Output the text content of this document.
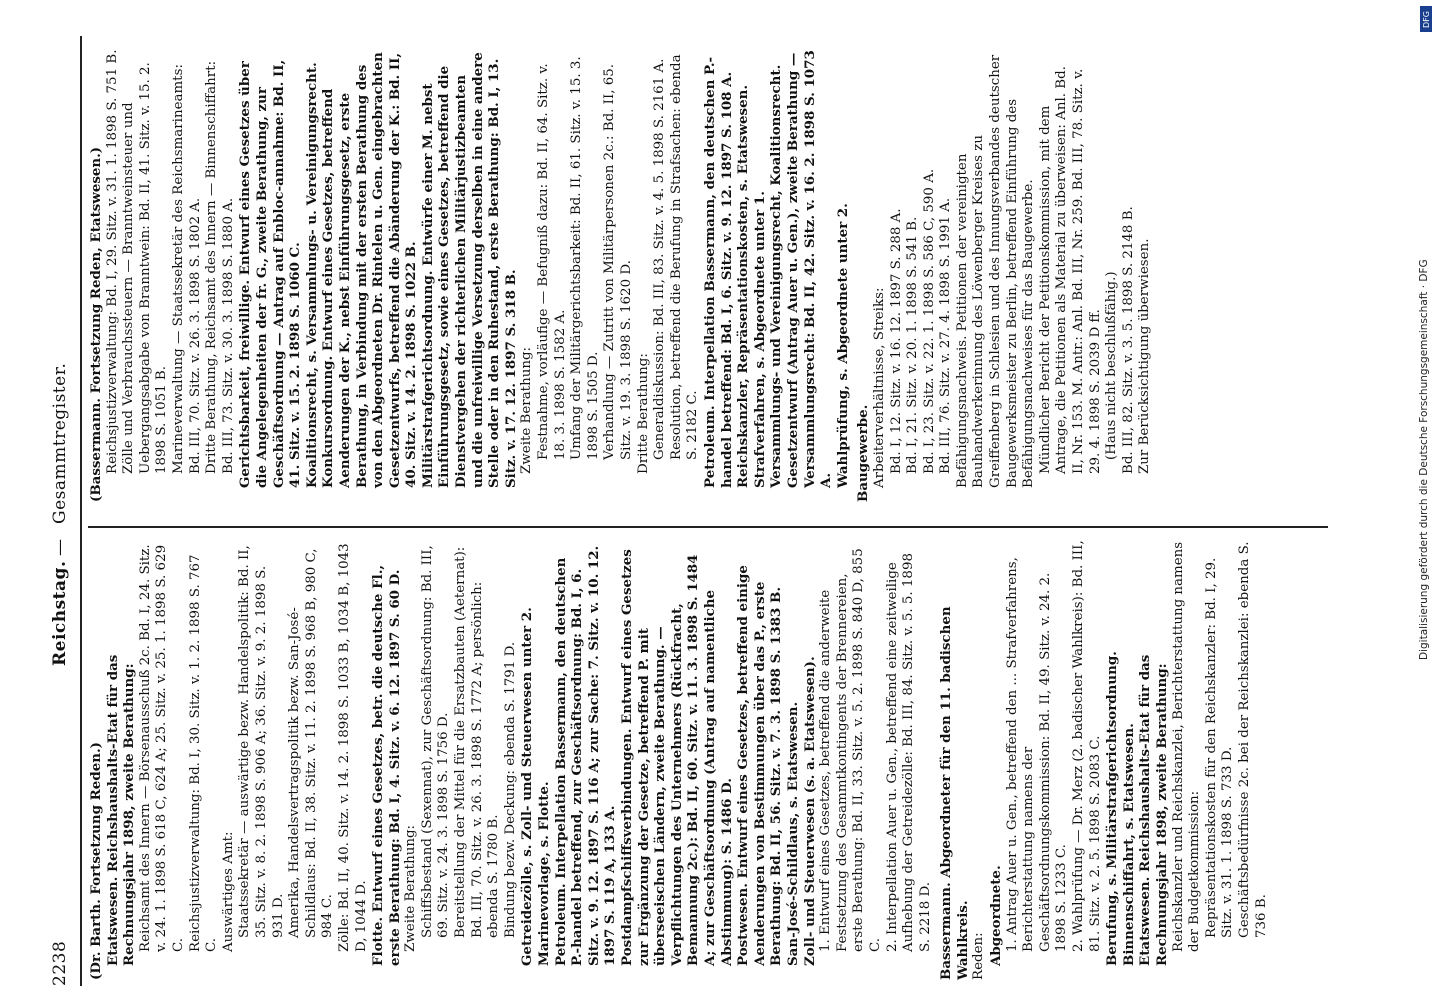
2238
Reichstag.
—
Gesammtregister.

(Dr. Barth. Fortsetzung Reden.) Etatswesen. Reichshaushalts-Etat für das Rechnungsjahr 1898, zweite Berathung: Reichsamt des Innern — Börsenausschuß 2c. Bd. I, 24. Sitz. v. 24. 1. 1898 S. 618 C, 624 A; 25. Sitz. v. 25. 1. 1898 S. 629 C. Reichsjustizverwaltung: Bd. I, 30. Sitz. v. 1. 2. 1898 S. 767 C. Auswärtiges Amt: Staatssekretär — auswärtige bezw. Handelspolitik: Bd. II, 35. Sitz. v. 8. 2. 1898 S. 906 A; 36. Sitz. v. 9. 2. 1898 S. 931 D. Amerika, Handelsvertragspolitik bezw. San-José-Schildlaus: Bd. II, 38. Sitz. v. 11. 2. 1898 S. 968 B, 980 C, 984 C. Zölle: Bd. II, 40. Sitz. v. 14. 2. 1898 S. 1033 B, 1034 B, 1043 D, 1044 D. Flotte. Entwurf eines Gesetzes, betr. die deutsche Fl., erste Berathung: Bd. I, 4. Sitz. v. 6. 12. 1897 S. 60 D. Zweite Berathung: Schiffsbestand (Sexennat), zur Geschäftsordnung: Bd. III, 69. Sitz. v. 24. 3. 1898 S. 1756 D. Bereitstellung der Mittel für die Ersatzbauten (Aeternat): Bd. III, 70. Sitz. v. 26. 3. 1898 S. 1772 A; persönlich: ebenda S. 1780 B. Bindung bezw. Deckung: ebenda S. 1791 D. Getreidezölle, s. Zoll- und Steuerwesen unter 2. Marinevorlage, s. Flotte. Petroleum. Interpellation Bassermann, den deutschen P.-handel betreffend, zur Geschäftsordnung: Bd. I, 6. Sitz. v. 9. 12. 1897 S. 116 A; zur Sache: 7. Sitz. v. 10. 12. 1897 S. 119 A, 133 A. Postdampfschiffsverbindungen. Entwurf eines Gesetzes zur Ergänzung der Gesetze, betreffend P. mit überseeischen Ländern, zweite Berathung. — Verpflichtungen des Unternehmers (Rückfracht, Bemannung 2c.): Bd. II, 60. Sitz. v. 11. 3. 1898 S. 1484 A; zur Geschäftsordnung (Antrag auf namentliche Abstimmung): S. 1486 D. Postwesen. Entwurf eines Gesetzes, betreffend einige Aenderungen von Bestimmungen über das P., erste Berathung: Bd. II, 56. Sitz. v. 7. 3. 1898 S. 1383 B. San-José-Schildlaus, s. Etatswesen. Zoll- und Steuerwesen (s. a. Etatswesen). 1. Entwurf eines Gesetzes, betreffend die anderweite Festsetzung des Gesammtkontingents der Brennereien, erste Berathung: Bd. II, 33. Sitz. v. 5. 2. 1898 S. 840 D, 855 C. 2. Interpellation Auer u. Gen., betreffend eine zeitweilige Aufhebung der Getreidezölle: Bd. III, 84. Sitz. v. 5. 5. 1898 S. 2218 D. Bassermann. Abgeordneter für den 11. badischen Wahlkreis. Reden: Abgeordnete. 1. Antrag Auer u. Gen., betreffend den ... Strafverfahrens, Berichterstattung namens der Geschäftsordnungskommission: Bd. II, 49. Sitz. v. 24. 2. 1898 S. 1233 C. 2. Wahlprüfung — Dr. Merz (2. badischer Wahlkreis): Bd. III, 81. Sitz. v. 2. 5. 1898 S. 2083 C. Berufung, s. Militärstrafgerichtsordnung. Binnenschiffahrt, s. Etatswesen. Etatswesen. Reichshaushalts-Etat für das Rechnungsjahr 1898, zweite Berathung: Reichskanzler und Reichskanzlei, Berichterstattung namens der Budgetkommission: Repräsentationskosten für den Reichskanzler: Bd. I, 29. Sitz. v. 31. 1. 1898 S. 733 D. Geschäftsbedürfnisse 2c. bei der Reichskanzlei: ebenda S. 736 B.

(Bassermann. Fortsetzung Reden, Etatswesen.) Reichsjustizverwaltung: Bd. I, 29. Sitz. v. 31. 1. 1898 S. 751 B. Zölle und Verbrauchssteuern — Branntweinsteuer und Uebergangsabgabe von Branntwein: Bd. II, 41. Sitz. v. 15. 2. 1898 S. 1051 B. Marineverwaltung — Staatssekretär des Reichsmarineamts: Bd. III, 70. Sitz. v. 26. 3. 1898 S. 1802 A. Dritte Berathung, Reichsamt des Innern — Binnenschiffahrt: Bd. III, 73. Sitz. v. 30. 3. 1898 S. 1880 A. Gerichtsbarkeit, freiwillige. Entwurf eines Gesetzes über die Angelegenheiten der fr. G., zweite Berathung, zur Geschäftsordnung — Antrag auf Enbloc-annahme: Bd. II, 41. Sitz. v. 15. 2. 1898 S. 1060 C. Koalitionsrecht, s. Versammlungs- u. Vereinigungsrecht. Konkursordnung. Entwurf eines Gesetzes, betreffend Aenderungen der K., nebst Einführungsgesetz, erste Berathung, in Verbindung mit der ersten Berathung des von den Abgeordneten Dr. Rintelen u. Gen. eingebrachten Gesetzentwurfs, betreffend die Abänderung der K.: Bd. II, 40. Sitz. v. 14. 2. 1898 S. 1022 B. Militärstrafgerichtsordnung. Entwürfe einer M. nebst Einführungsgesetz, sowie eines Gesetzes, betreffend die Dienstvergehen der richterlichen Militärjustizbeamten und die unfreiwillige Versetzung derselben in eine andere Stelle oder in den Ruhestand, erste Berathung: Bd. I, 13. Sitz. v. 17. 12. 1897 S. 318 B. Zweite Berathung: Festnahme, vorläufige — Befugniß dazu: Bd. II, 64. Sitz. v. 18. 3. 1898 S. 1582 A. Umfang der Militärgerichtsbarkeit: Bd. II, 61. Sitz. v. 15. 3. 1898 S. 1505 D. Verhandlung — Zutritt von Militärpersonen 2c.: Bd. II, 65. Sitz. v. 19. 3. 1898 S. 1620 D. Dritte Berathung: Generaldiskussion: Bd. III, 83. Sitz. v. 4. 5. 1898 S. 2161 A. Resolution, betreffend die Berufung in Strafsachen: ebenda S. 2182 C. Petroleum. Interpellation Bassermann, den deutschen P.-handel betreffend: Bd. I, 6. Sitz. v. 9. 12. 1897 S. 108 A. Reichskanzler, Repräsentationskosten, s. Etatswesen. Strafverfahren, s. Abgeordnete unter 1. Versammlungs- und Vereinigungsrecht, Koalitionsrecht. Gesetzentwurf (Antrag Auer u. Gen.), zweite Berathung — Versammlungsrecht: Bd. II, 42. Sitz. v. 16. 2. 1898 S. 1073 A. Wahlprüfung, s. Abgeordnete unter 2. Baugewerbe. Arbeiterverhältnisse, Streiks: Bd. I, 12. Sitz. v. 16. 12. 1897 S. 288 A. Bd. I, 21. Sitz. v. 20. 1. 1898 S. 541 B. Bd. I, 23. Sitz. v. 22. 1. 1898 S. 586 C, 590 A. Bd. III, 76. Sitz. v. 27. 4. 1898 S. 1991 A. Befähigungsnachweis. Petitionen der vereinigten Bauhandwerkerinnung des Löwenberger Kreises zu Greiffenberg in Schlesien und des Innungsverbandes deutscher Baugewerksmeister zu Berlin, betreffend Einführung des Befähigungsnachweises für das Baugewerbe. Mündlicher Bericht der Petitionskommission, mit dem Antrage, die Petitionen als Material zu überweisen: Anl. Bd. II, Nr. 153. M. Antr.: Anl. Bd. III, Nr. 259. Bd. III, 78. Sitz. v. 29. 4. 1898 S. 2039 D ff. (Haus nicht beschlußfähig.) Bd. III, 82. Sitz. v. 3. 5. 1898 S. 2148 B. Zur Berücksichtigung überwiesen.

DFG
Digitalisierung gefördert durch die Deutsche Forschungsgemeinschaft · DFG
